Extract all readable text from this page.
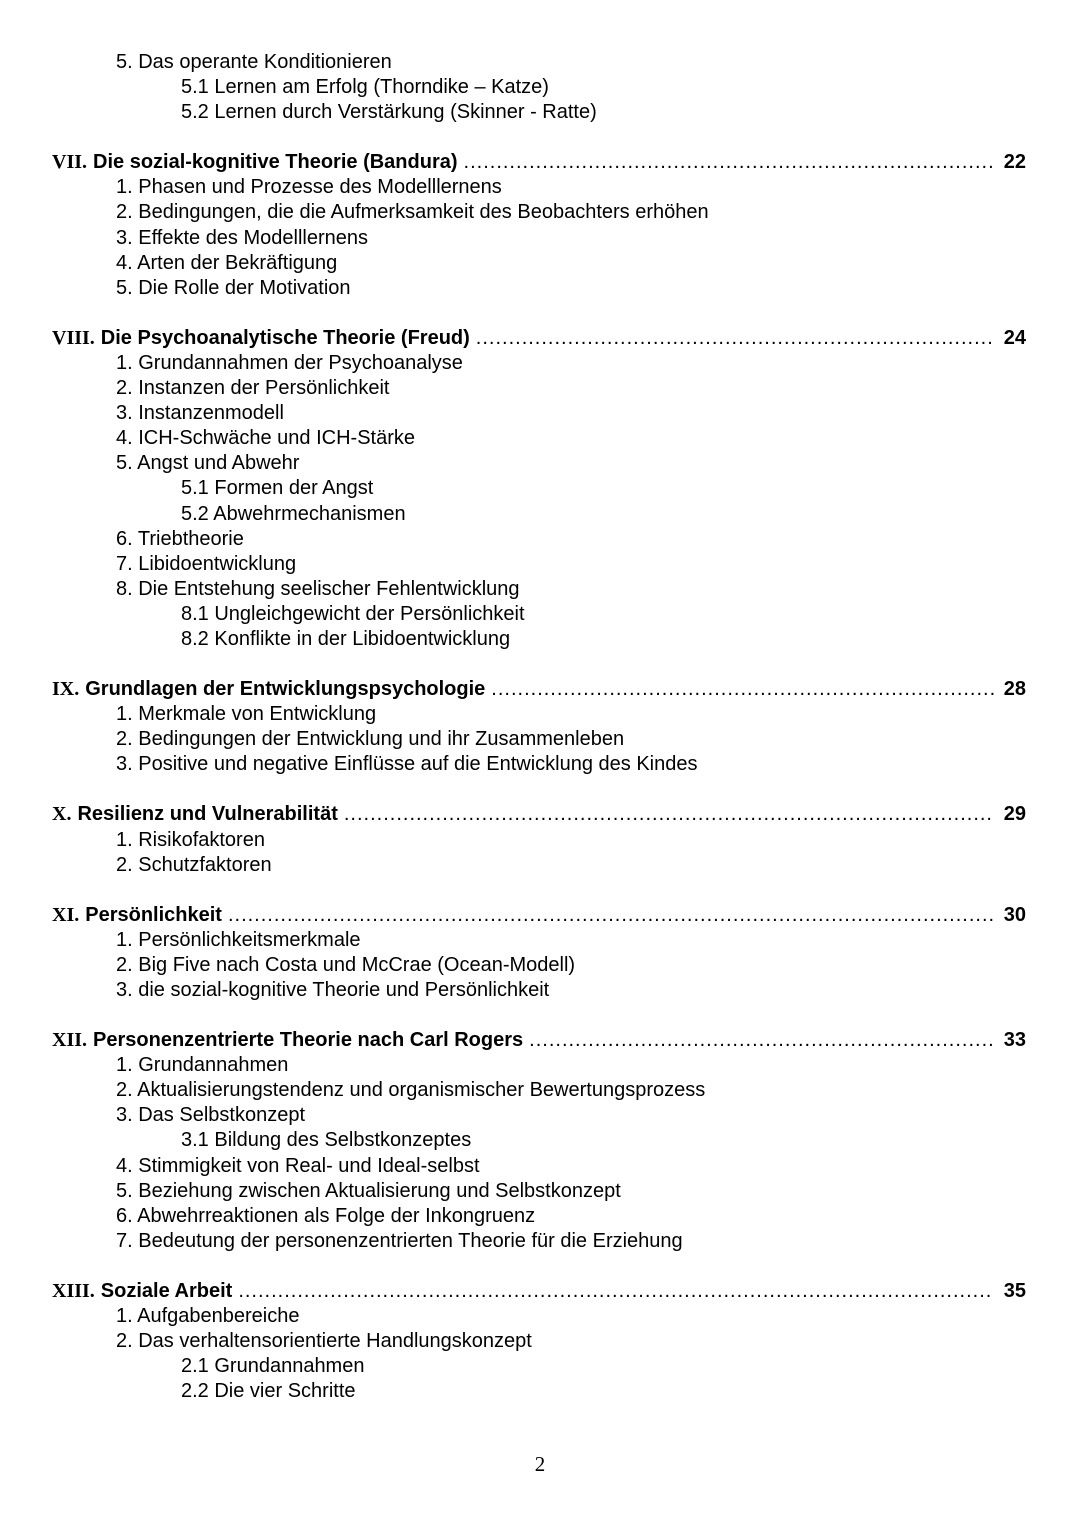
5. Das operante Konditionieren
5.1 Lernen am Erfolg (Thorndike – Katze)
5.2 Lernen durch Verstärkung (Skinner - Ratte)
VII. Die sozial-kognitive Theorie (Bandura) .....	22
1. Phasen und Prozesse des Modelllernens
2. Bedingungen, die die Aufmerksamkeit des Beobachters erhöhen
3. Effekte des Modelllernens
4. Arten der Bekräftigung
5. Die Rolle der Motivation
VIII. Die Psychoanalytische Theorie (Freud) .....	24
1. Grundannahmen der Psychoanalyse
2. Instanzen der Persönlichkeit
3. Instanzenmodell
4. ICH-Schwäche und ICH-Stärke
5. Angst und Abwehr
5.1 Formen der Angst
5.2 Abwehrmechanismen
6. Triebtheorie
7. Libidoentwicklung
8. Die Entstehung seelischer Fehlentwicklung
8.1 Ungleichgewicht der Persönlichkeit
8.2 Konflikte in der Libidoentwicklung
IX. Grundlagen der Entwicklungspsychologie .....	28
1. Merkmale von Entwicklung
2. Bedingungen der Entwicklung und ihr Zusammenleben
3. Positive und negative Einflüsse auf die Entwicklung des Kindes
X. Resilienz und Vulnerabilität .....	29
1. Risikofaktoren
2. Schutzfaktoren
XI. Persönlichkeit .....	30
1. Persönlichkeitsmerkmale
2. Big Five nach Costa und McCrae (Ocean-Modell)
3. die sozial-kognitive Theorie und Persönlichkeit
XII. Personenzentrierte Theorie nach Carl Rogers .....	33
1. Grundannahmen
2. Aktualisierungstendenz und organismischer Bewertungsprozess
3. Das Selbstkonzept
3.1 Bildung des Selbstkonzeptes
4. Stimmigkeit von Real- und Ideal-selbst
5. Beziehung zwischen Aktualisierung und Selbstkonzept
6. Abwehrreaktionen als Folge der Inkongruenz
7. Bedeutung der personenzentrierten Theorie für die Erziehung
XIII. Soziale Arbeit .....	35
1. Aufgabenbereiche
2. Das verhaltensorientierte Handlungskonzept
2.1 Grundannahmen
2.2 Die vier Schritte
2
